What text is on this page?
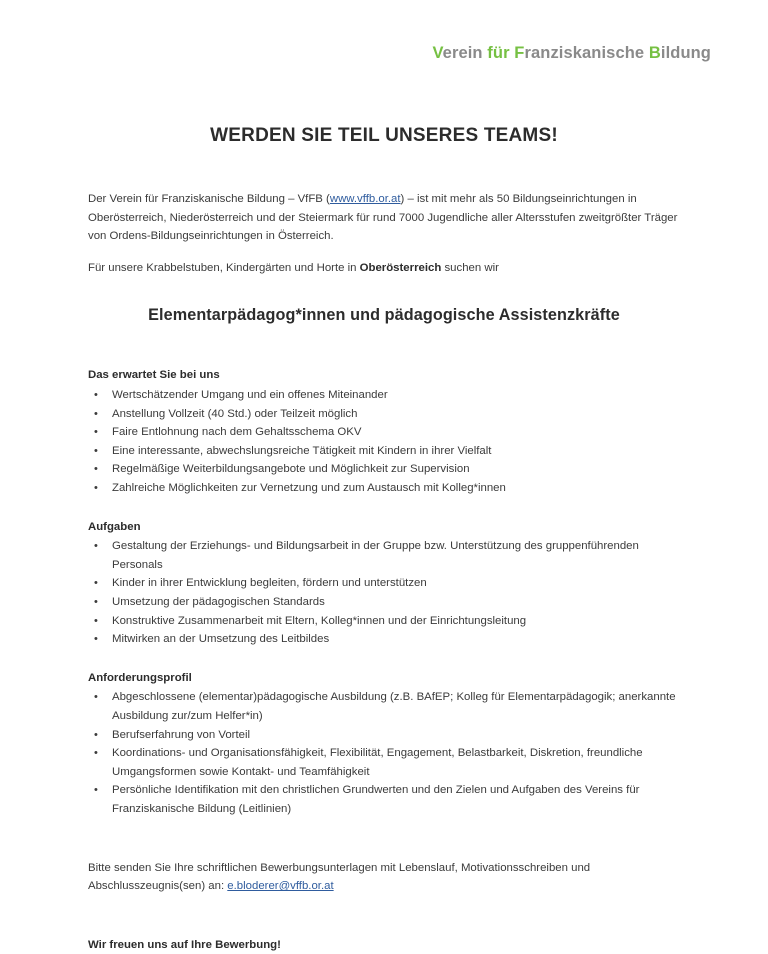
Verein für Franziskanische Bildung
WERDEN SIE TEIL UNSERES TEAMS!

Der Verein für Franziskanische Bildung – VfFB (www.vffb.or.at) – ist mit mehr als 50 Bildungseinrichtungen in Oberösterreich, Niederösterreich und der Steiermark für rund 7000 Jugendliche aller Altersstufen zweitgrößter Träger von Ordens-Bildungseinrichtungen in Österreich.

Für unsere Krabbelstuben, Kindergärten und Horte in Oberösterreich suchen wir

Elementarpädagog*innen und pädagogische Assistenzkräfte

Das erwartet Sie bei uns

• Wertschätzender Umgang und ein offenes Miteinander
• Anstellung Vollzeit (40 Std.) oder Teilzeit möglich
• Faire Entlohnung nach dem Gehaltsschema OKV
• Eine interessante, abwechslungsreiche Tätigkeit mit Kindern in ihrer Vielfalt
• Regelmäßige Weiterbildungsangebote und Möglichkeit zur Supervision
• Zahlreiche Möglichkeiten zur Vernetzung und zum Austausch mit Kolleg*innen

Aufgaben

• Gestaltung der Erziehungs- und Bildungsarbeit in der Gruppe bzw. Unterstützung des gruppenführenden Personals
• Kinder in ihrer Entwicklung begleiten, fördern und unterstützen
• Umsetzung der pädagogischen Standards
• Konstruktive Zusammenarbeit mit Eltern, Kolleg*innen und der Einrichtungsleitung
• Mitwirken an der Umsetzung des Leitbildes

Anforderungsprofil

• Abgeschlossene (elementar)pädagogische Ausbildung (z.B. BAfEP; Kolleg für Elementarpädagogik; anerkannte Ausbildung zur/zum Helfer*in)
• Berufserfahrung von Vorteil
• Koordinations- und Organisationsfähigkeit, Flexibilität, Engagement, Belastbarkeit, Diskretion, freundliche Umgangsformen sowie Kontakt- und Teamfähigkeit
• Persönliche Identifikation mit den christlichen Grundwerten und den Zielen und Aufgaben des Vereins für Franziskanische Bildung (Leitlinien)

Bitte senden Sie Ihre schriftlichen Bewerbungsunterlagen mit Lebenslauf, Motivationsschreiben und Abschlusszeugnis(sen) an: e.bloderer@vffb.or.at

Wir freuen uns auf Ihre Bewerbung!
